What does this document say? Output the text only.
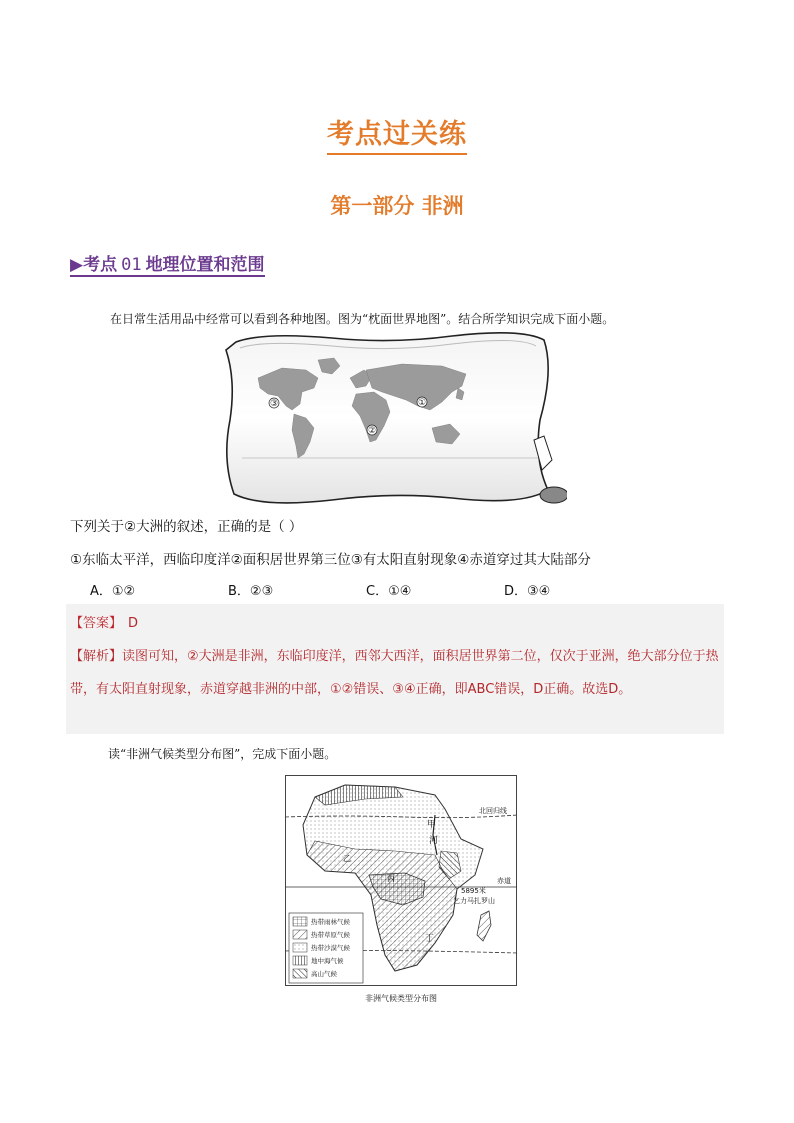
考点过关练
第一部分 非洲
▶考点 01 地理位置和范围
在日常生活用品中经常可以看到各种地图。图为“枕面世界地图”。结合所学知识完成下面小题。
③	①
②
下列关于②大洲的叙述，正确的是（ ）
①东临太平洋，西临印度洋②面积居世界第三位③有太阳直射现象④赤道穿过其大陆部分
A．①②	B．②③	C．①④	D．③④
【答案】 D
【解析】读图可知，②大洲是非洲，东临印度洋，西邻大西洋，面积居世界第二位，仅次于亚洲，绝大部分位于热带，有太阳直射现象，赤道穿越非洲的中部，①②错误、③④正确，即ABC错误，D正确。故选D。
读“非洲气候类型分布图”，完成下面小题。
北回归线
赤道
5895米
乞力马扎罗山
甲
河
乙
丙
丁
非洲气候类型分布图
热带雨林气候
热带草原气候
热带沙漠气候
地中海气候
高山气候
